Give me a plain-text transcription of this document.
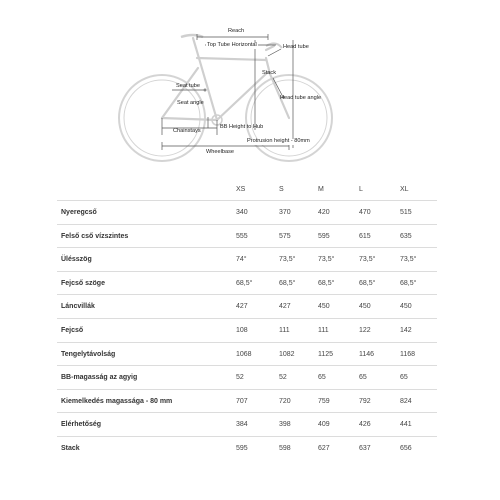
Reach
Top Tube Horizontal	Head tube
Stack
Seat tube
Seat angle
Head tube angle
Chainstays
BB Height to Hub
Protrusion height - 80mm
Wheelbase
XS	S	M	L	XL
Nyeregcső	340	370	420	470	515
Felső cső vízszintes	555	575	595	615	635
Ülésszög	74°	73,5°	73,5°	73,5°	73,5°
Fejcső szöge	68,5°	68,5°	68,5°	68,5°	68,5°
Láncvillák	427	427	450	450	450
Fejcső	108	111	111	122	142
Tengelytávolság	1068	1082	1125	1146	1168
BB-magasság az agyig	52	52	65	65	65
Kiemelkedés magassága - 80 mm	707	720	759	792	824
Elérhetőség	384	398	409	426	441
Stack	595	598	627	637	656
